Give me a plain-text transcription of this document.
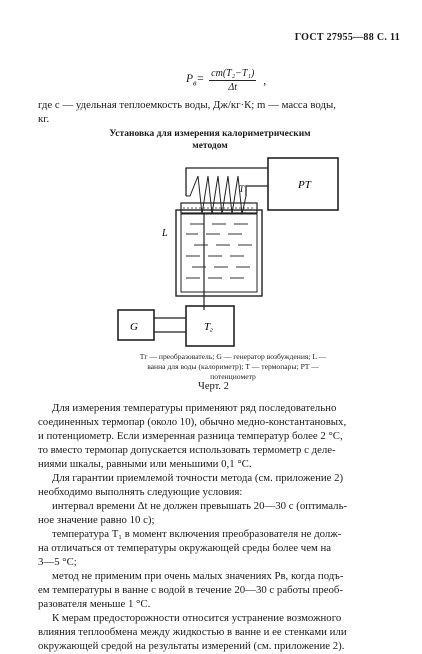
ГОСТ 27955—88 С. 11
$P_в= \frac{\text{cm(T₂−T₁)}}{\Delta t}$ ,
где c — удельная теплоемкость воды, Дж/кг·К; m — масса воды,
кг.
Установка для измерения калориметрическим
методом
PT
T
L
G	Tг
Tг — преобразователь; G — генератор возбуждения; L —
ванна для воды (калориметр); T — термопары; PT —
потенциометр
Черт. 2
Для измерения температуры применяют ряд последовательно
соединенных термопар (около 10), обычно медно-константановых,
и потенциометр. Если измеренная разница температур более 2 °C,
то вместо термопар допускается использовать термометр с делe-
ниями шкалы, равными или меньшими 0,1 °C.
Для гарантии приемлемой точности метода (см. приложение 2)
необходимо выполнять следующие условия:
интервал времени Δt не должен превышать 20—30 с (оптималь-
ное значение равно 10 с);
температура T₁ в момент включения преобразователя не долж-
на отличаться от температуры окружающей среды более чем на
3—5 °C;
метод не применим при очень малых значениях Pв, когда подъ-
ем температуры в ванне с водой в течение 20—30 с работы преоб-
разователя меньше 1 °C.
К мерам предосторожности относится устранение возможного
влияния теплообмена между жидкостью в ванне и ее стенками или
окружающей средой на результаты измерений (см. приложение 2).
